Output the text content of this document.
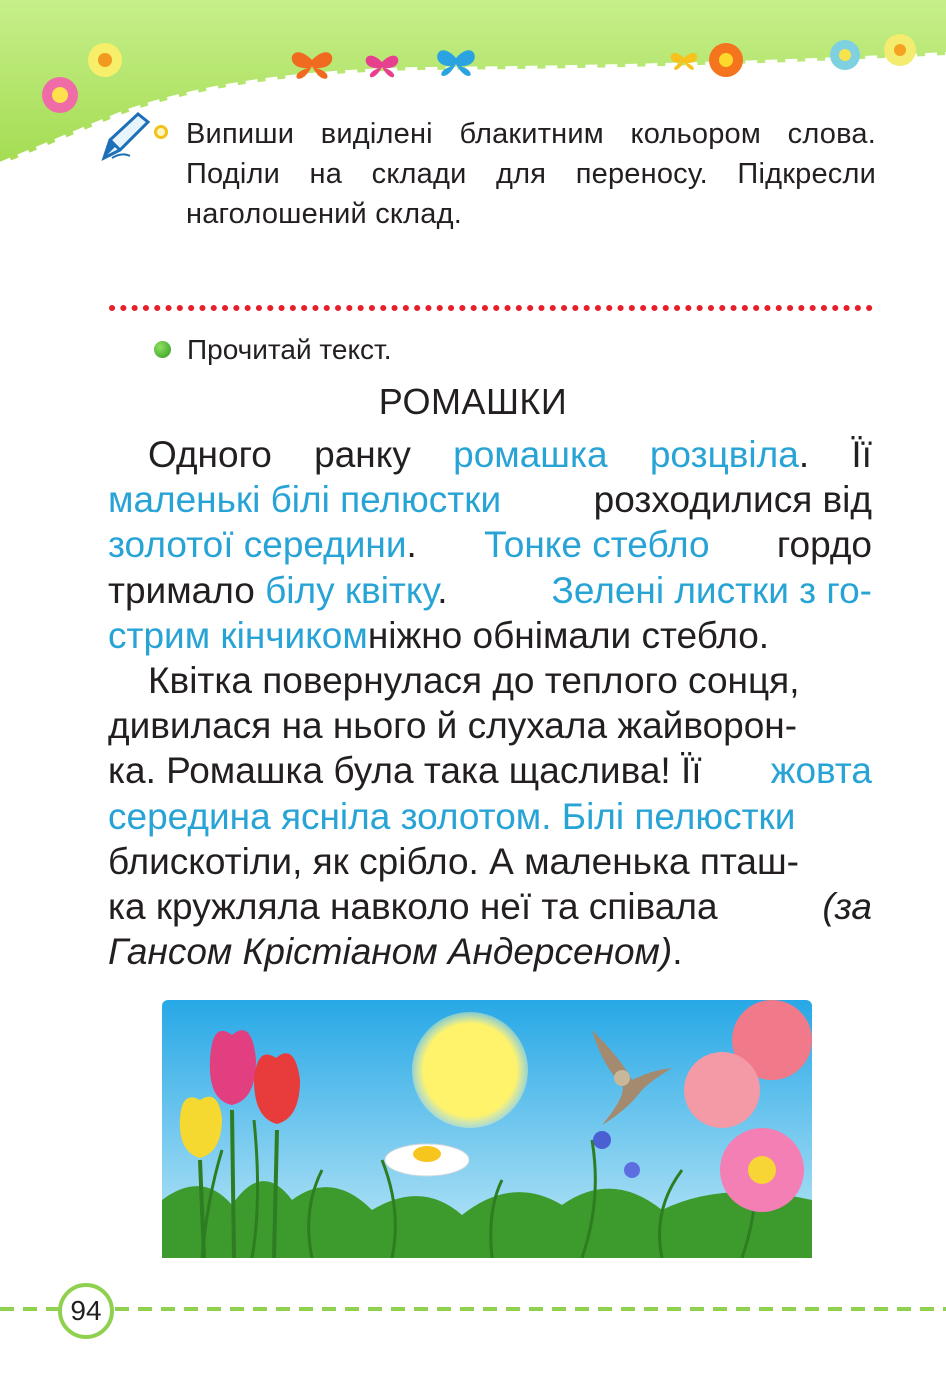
Випиши виділені блакитним кольором слова. Поділи на склади для переносу. Підкресли наголошений склад.
Прочитай текст.
РОМАШКИ
Одного ранку ромашка розцвіла. Її
маленькі білі пелюстки	розходилися від
золотої середини. Тонке стебло гордо
тримало білу квітку.	Зелені листки з го-
стрим кінчиком ніжно обнімали стебло.
Квітка повернулася до теплого сонця,
дивилася на нього й слухала жайворон-
ка. Ромашка була така щаслива! Її жовта
середина ясніла золотом. Білі пелюстки
блискотіли, як срібло. А маленька пташ-
ка кружляла навколо неї та співала	(за
Гансом Крістіаном Андерсеном).
94
